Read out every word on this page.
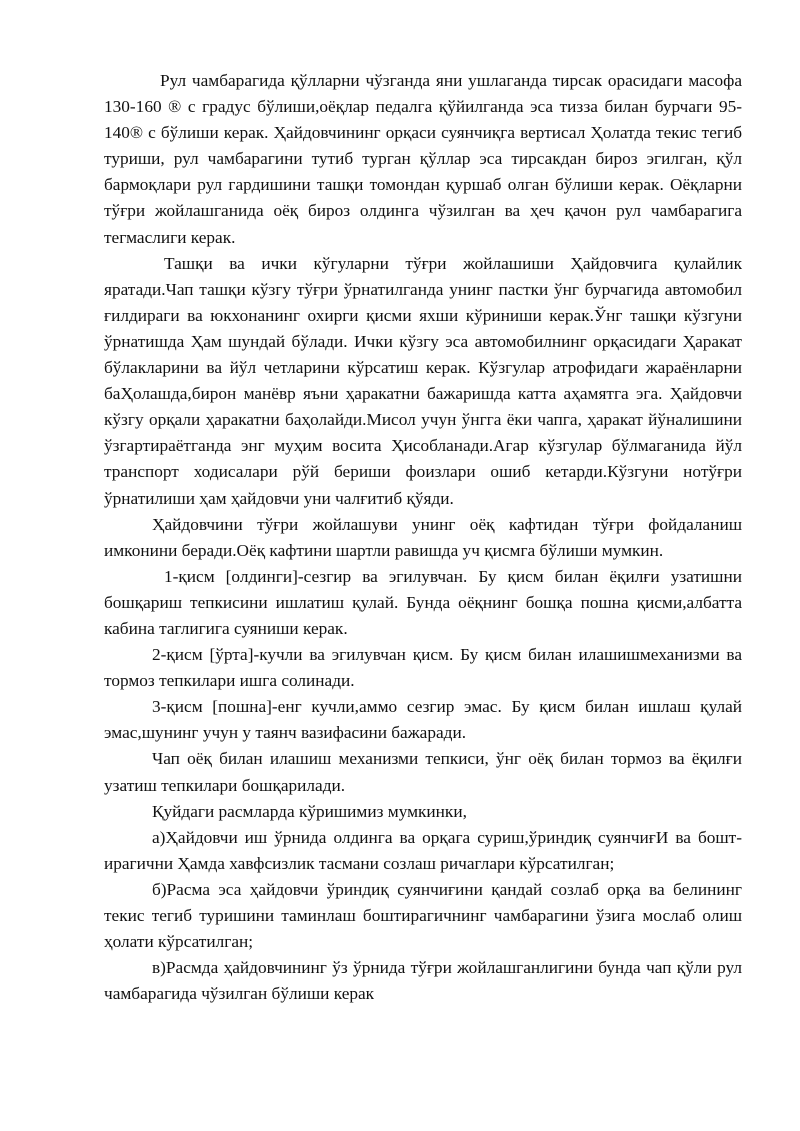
Рул чамбарагида қўлларни чўзганда яни ушлаганда тирсак орасидаги масофа 130-160 ® с градус бўлиши,оёқлар педалга қўйилганда эса тизза билан бурчаги 95-140® с бўлиши керак. Ҳайдовчининг орқаси суянчиқга вертисал Ҳолатда текис тегиб туриши, рул чамбарагини тутиб турган қўллар эса тирсакдан бироз эгилган, қўл бармоқлари рул гардишини ташқи томондан қуршаб олган бўлиши керак. Оёқларни тўғри жойлашганида оёқ бироз олдинга чўзилган ва ҳеч қачон рул чамбарагига тегмаслиги керак.

Ташқи ва ички кўгуларни тўғри жойлашиши Ҳайдовчига қулайлик яратади.Чап ташқи кўзгу тўғри ўрнатилганда унинг пастки ўнг бурчагида автомобил ғилдираги ва юкхонанинг охирги қисми яхши кўриниши керак.Ўнг ташқи кўзгуни ўрнатишда Ҳам шундай бўлади. Ички кўзгу эса автомобилнинг орқасидаги Ҳаракат бўлакларини ва йўл четларини кўрсатиш керак. Кўзгулар атрофидаги жараёнларни баҲолашда,бирон манёвр яъни ҳаракатни бажаришда катта аҳамятга эга. Ҳайдовчи кўзгу орқали ҳаракатни баҳолайди.Мисол учун ўнгга ёки чапга, ҳаракат йўналишини ўзгартираётганда энг муҳим восита Ҳисобланади.Агар кўзгулар бўлмаганида йўл транспорт ходисалари рўй бериши фоизлари ошиб кетарди.Кўзгуни нотўғри ўрнатилиши ҳам ҳайдовчи уни чалғитиб қўяди.

Ҳайдовчини тўғри жойлашуви унинг оёқ кафтидан тўғри фойдаланиш имконини беради.Оёқ кафтини шартли равишда уч қисмга бўлиши мумкин.

1-қисм [олдинги]-сезгир ва эгилувчан. Бу қисм билан ёқилғи узатишни бошқариш тепкисини ишлатиш қулай. Бунда оёқнинг бошқа пошна қисми,албатта кабина таглигига суяниши керак.

2-қисм [ўрта]-кучли ва эгилувчан қисм. Бу қисм билан илашишмеханизми ва тормоз тепкилари ишга солинади.

3-қисм [пошна]-енг кучли,аммо сезгир эмас. Бу қисм билан ишлаш қулай эмас,шунинг учун у таянч вазифасини бажаради.

Чап оёқ билан илашиш механизми тепкиси, ўнг оёқ билан тормоз ва ёқилғи узатиш тепкилари бошқарилади.

Қуйдаги расмларда кўришимиз мумкинки,

а)Ҳайдовчи иш ўрнида олдинга ва орқага суриш,ўриндиқ суянчиғИ ва боштирагични Ҳамда хавфсизлик тасмани созлаш ричаглари кўрсатилган;

б)Расма эса ҳайдовчи ўриндиқ суянчиғини қандай созлаб орқа ва белининг текис тегиб туришини таминлаш боштирагичнинг чамбарагини ўзига мослаб олиш ҳолати кўрсатилган;

в)Расмда ҳайдовчининг ўз ўрнида тўғри жойлашганлигини бунда чап қўли рул чамбарагида чўзилган бўлиши керак
